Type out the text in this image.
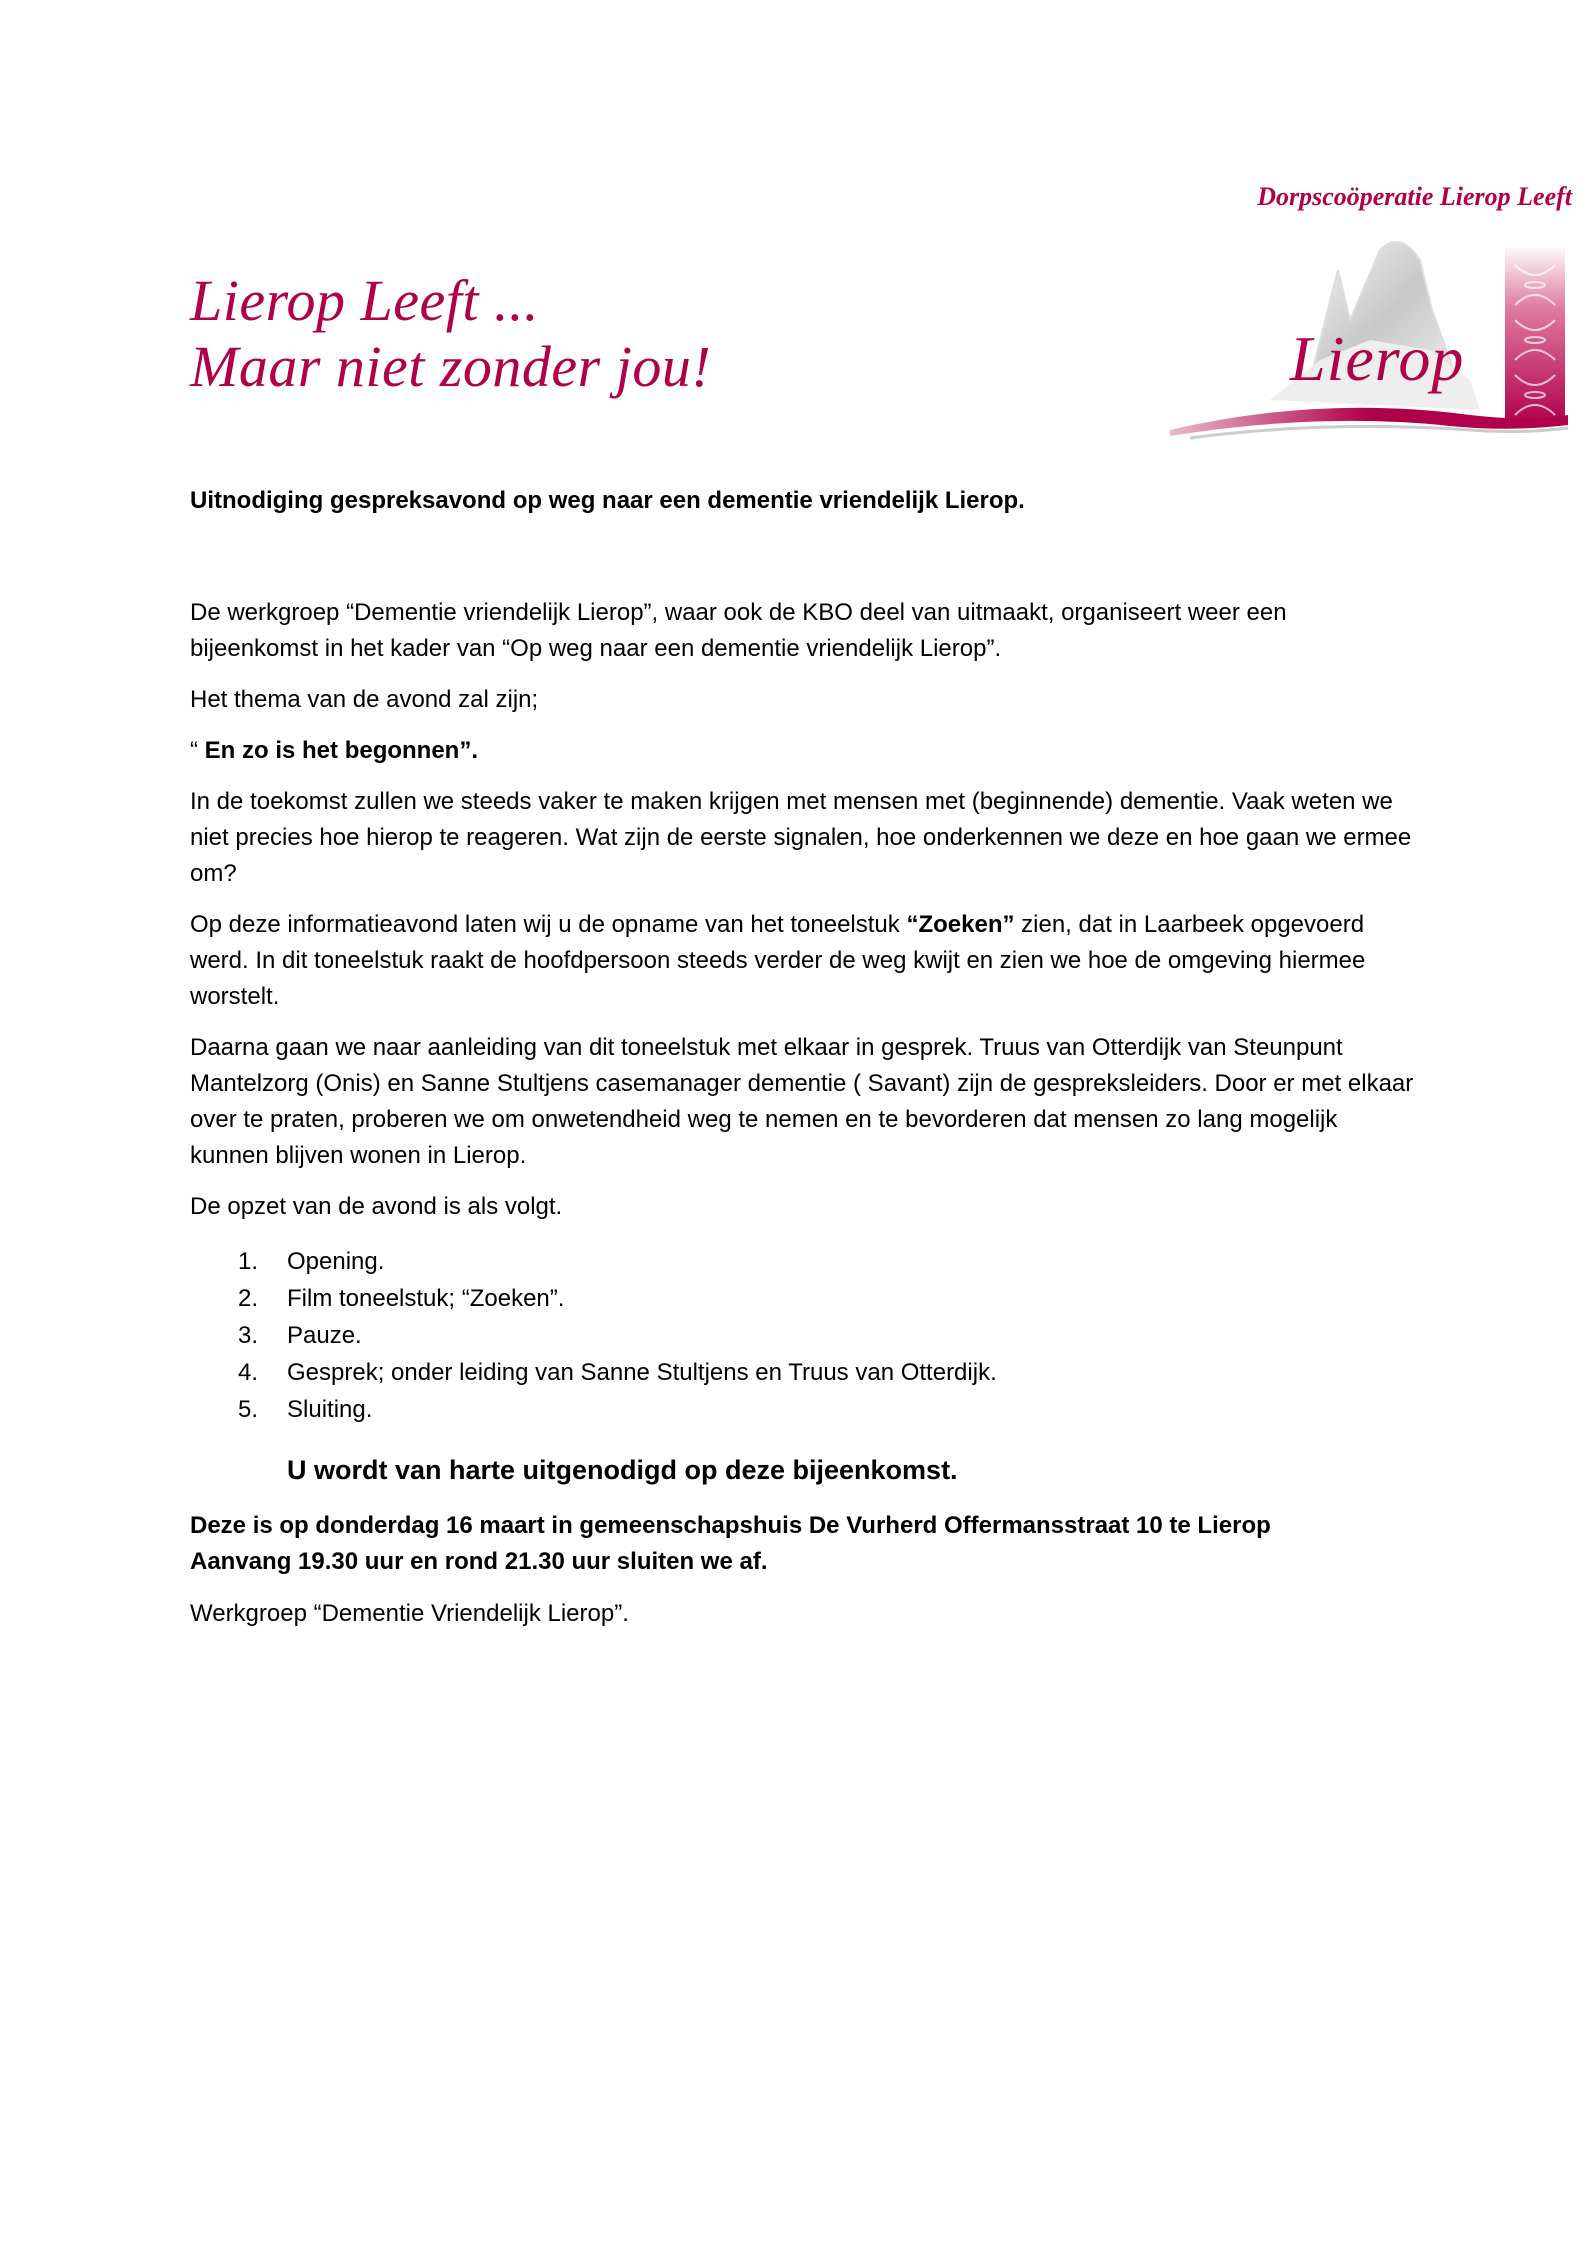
Lierop Leeft ...
Maar niet zonder jou!
Dorpscoöperatie Lierop Leeft
Lierop

Uitnodiging gespreksavond op weg naar een dementie vriendelijk Lierop.

De werkgroep “Dementie vriendelijk Lierop”, waar ook de KBO deel van uitmaakt, organiseert weer een bijeenkomst in het kader van “Op weg naar een dementie vriendelijk Lierop”.

Het thema van de avond zal zijn;

“ En zo is het begonnen”.

In de toekomst zullen we steeds vaker te maken krijgen met mensen met (beginnende) dementie. Vaak weten we niet precies hoe hierop te reageren. Wat zijn de eerste signalen, hoe onderkennen we deze en hoe gaan we ermee om?

Op deze informatieavond laten wij u de opname van het toneelstuk “Zoeken” zien, dat in Laarbeek opgevoerd werd. In dit toneelstuk raakt de hoofdpersoon steeds verder de weg kwijt en zien we hoe de omgeving hiermee worstelt.

Daarna gaan we naar aanleiding van dit toneelstuk met elkaar in gesprek. Truus van Otterdijk van Steunpunt Mantelzorg (Onis) en Sanne Stultjens casemanager dementie ( Savant) zijn de gespreksleiders. Door er met elkaar over te praten, proberen we om onwetendheid weg te nemen en te bevorderen dat mensen zo lang mogelijk kunnen blijven wonen in Lierop.

De opzet van de avond is als volgt.

1. Opening.
2. Film toneelstuk; “Zoeken”.
3. Pauze.
4. Gesprek; onder leiding van Sanne Stultjens en Truus van Otterdijk.
5. Sluiting.

U wordt van harte uitgenodigd op deze bijeenkomst.

Deze is op donderdag 16 maart in gemeenschapshuis De Vurherd Offermansstraat 10 te Lierop
Aanvang 19.30 uur en rond 21.30 uur sluiten we af.

Werkgroep “Dementie Vriendelijk Lierop”.
